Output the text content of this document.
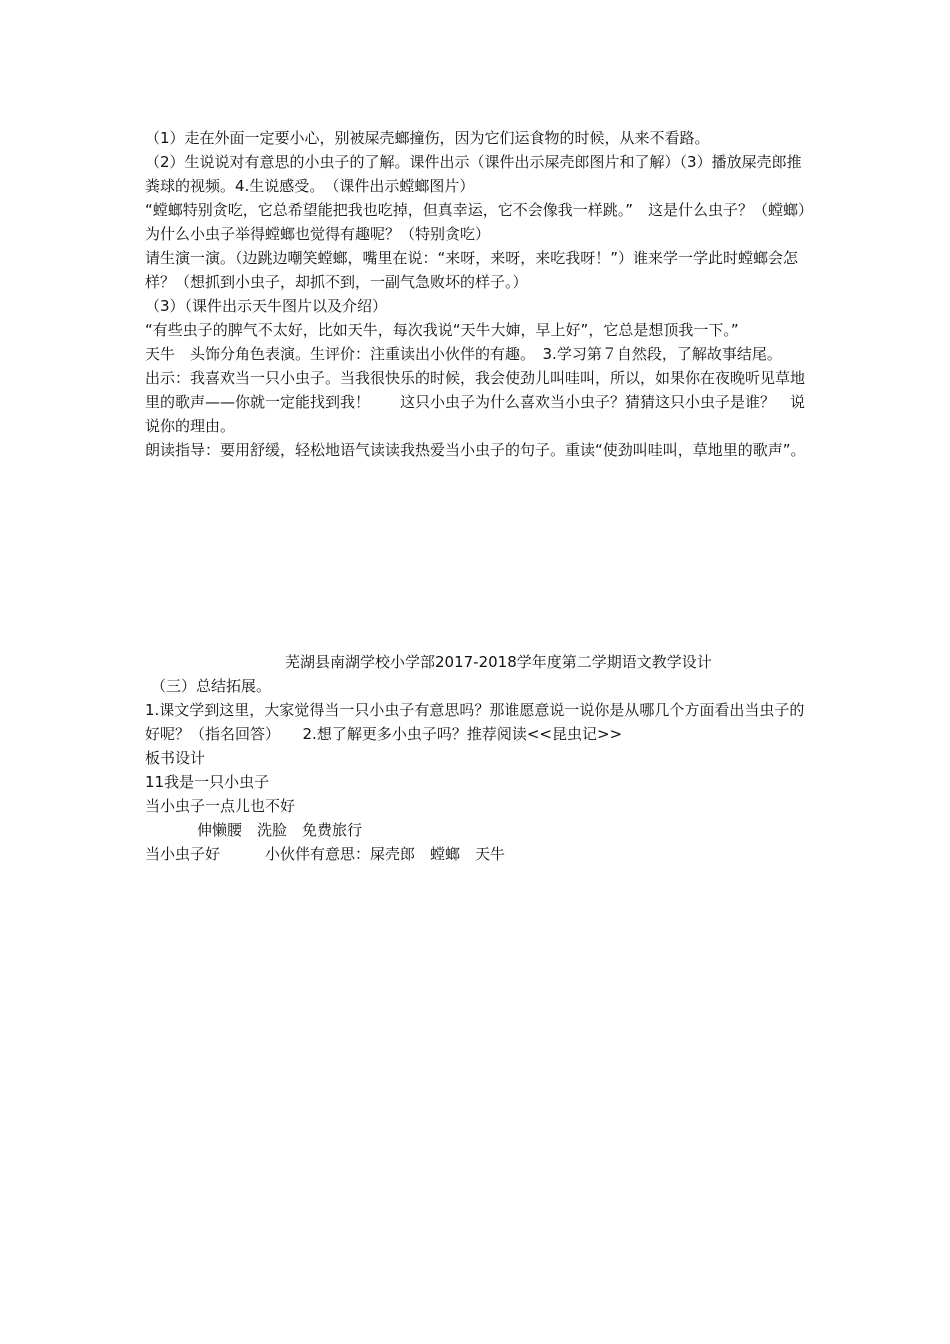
（1）走在外面一定要小心，别被屎壳螂撞伤，因为它们运食物的时候，从来不看路。

（2）生说说对有意思的小虫子的了解。课件出示（课件出示屎壳郎图片和了解）（3）播放屎壳郎推粪球的视频。4.生说感受。　（课件出示螳螂图片）

“螳螂特别贪吃，它总希望能把我也吃掉，但真幸运，它不会像我一样跳。”　这是什么虫子？（螳螂）为什么小虫子举得螳螂也觉得有趣呢？（特别贪吃）

请生演一演。（边跳边嘲笑螳螂，嘴里在说：“来呀，来呀，来吃我呀！”）谁来学一学此时螳螂会怎样？（想抓到小虫子，却抓不到，一副气急败坏的样子。）

（3）（课件出示天牛图片以及介绍）

“有些虫子的脾气不太好，比如天牛，每次我说“天牛大婶，早上好”，它总是想顶我一下。”

天牛　头饰分角色表演。生评价：注重读出小伙伴的有趣。　3.学习第７自然段，了解故事结尾。

出示：我喜欢当一只小虫子。当我很快乐的时候，我会使劲儿叫哇叫，所以，如果你在夜晚听见草地里的歌声——你就一定能找到我！　　这只小虫子为什么喜欢当小虫子？猜猜这只小虫子是谁？　说说你的理由。

朗读指导：要用舒缓，轻松地语气读读我热爱当小虫子的句子。重读“使劲叫哇叫，草地里的歌声”。

芜湖县南湖学校小学部2017-2018学年度第二学期语文教学设计

（三）总结拓展。

1.课文学到这里，大家觉得当一只小虫子有意思吗？那谁愿意说一说你是从哪几个方面看出当虫子的好呢？（指名回答）　　2.想了解更多小虫子吗？推荐阅读<<昆虫记>>

板书设计

11我是一只小虫子

当小虫子一点儿也不好

伸懒腰　洗脸　免费旅行

当小虫子好　　　小伙伴有意思：屎壳郎　螳螂　天牛
